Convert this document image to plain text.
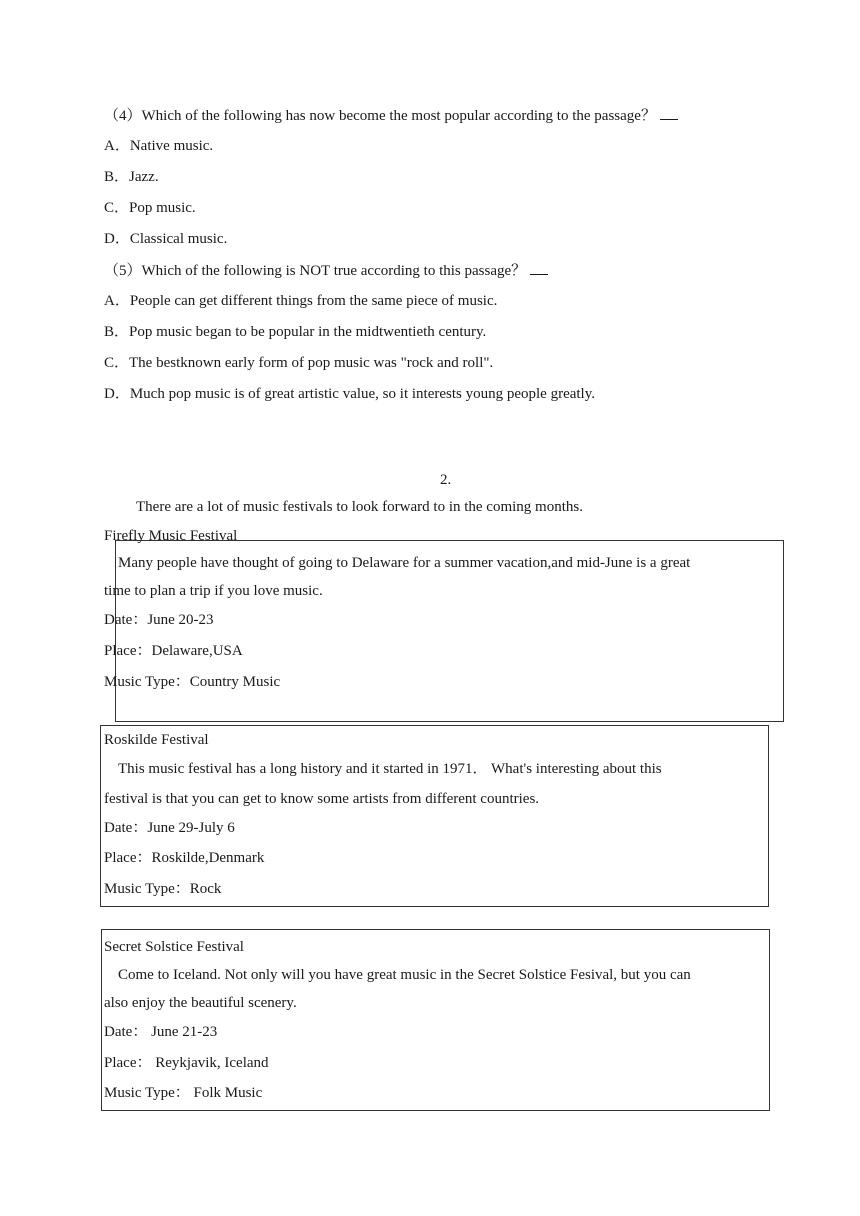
（4）Which of the following has now become the most popular according to the passage？
A．Native music.
B．Jazz.
C．Pop music.
D．Classical music.
（5）Which of the following is NOT true according to this passage？
A．People can get different things from the same piece of music.
B．Pop music began to be popular in the midtwentieth century.
C．The bestknown early form of pop music was "rock and roll".
D．Much pop music is of great artistic value, so it interests young people greatly.
2.
There are a lot of music festivals to look forward to in the coming months.
Firefly Music Festival
Many people have thought of going to Delaware for a summer vacation,and mid-June is a great
time to plan a trip if you love music.
Date：June 20-23
Place：Delaware,USA
Music Type：Country Music
Roskilde Festival
This music festival has a long history and it started in 1971． What's interesting about this
festival is that you can get to know some artists from different countries.
Date：June 29-July 6
Place：Roskilde,Denmark
Music Type：Rock
Secret Solstice Festival
Come to Iceland. Not only will you have great music in the Secret Solstice Fesival, but you can
also enjoy the beautiful scenery.
Date： June 21-23
Place： Reykjavik, Iceland
Music Type： Folk Music
